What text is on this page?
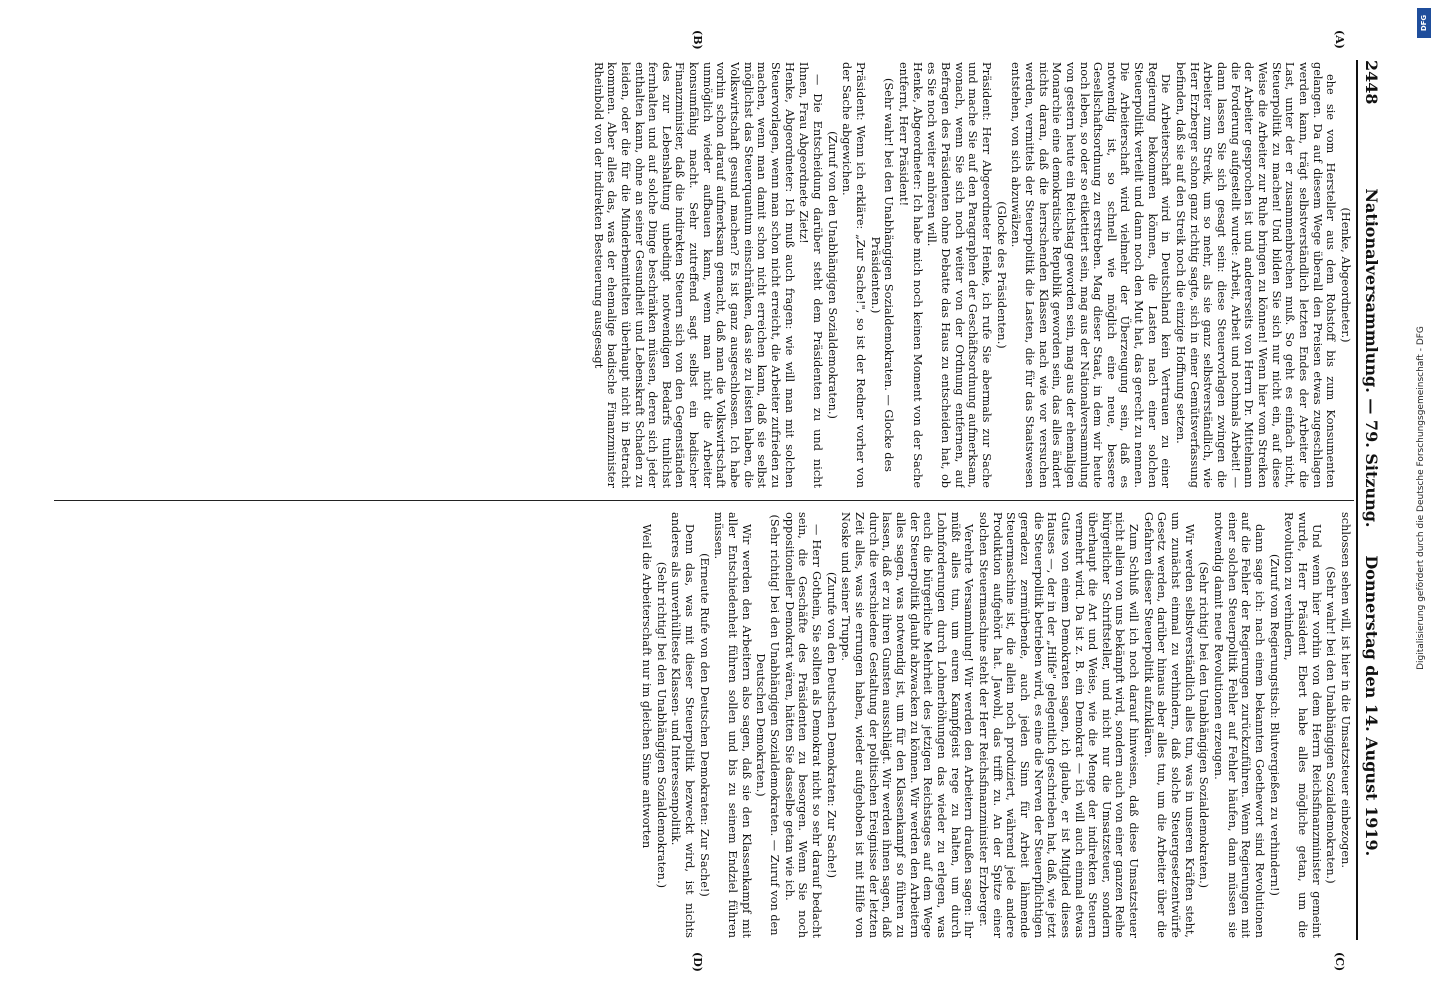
2448
Nationalversammlung. — 79. Sitzung.     Donnerstag den 14. August 1919.
(A)
(B)
(C)
(D)

(Henke, Abgeordneter.)

ehe sie vom Hersteller aus dem Rohstoff bis zum Konsumenten gelangen. Da auf diesem Wege überall den Preisen etwas zugeschlagen werden kann, trägt selbstverständlich letzten Endes der Arbeiter die Last, unter der er zusammenbrechen muß. So geht es einfach nicht, Steuerpolitik zu machen! Und bilden Sie sich nur nicht ein, auf diese Weise die Arbeiter zur Ruhe bringen zu können! Wenn hier vom Streiken der Arbeiter gesprochen ist und andererseits von Herrn Dr. Mittelmann die Forderung aufgestellt wurde: Arbeit, Arbeit und nochmals Arbeit! — dann lassen Sie sich gesagt sein: diese Steuervorlagen zwingen die Arbeiter zum Streik, um so mehr, als sie ganz selbstverständlich, wie Herr Erzberger schon ganz richtig sagte, sich in einer Gemütsverfassung befinden, daß sie auf den Streik noch die einzige Hoffnung setzen.

Die Arbeiterschaft wird in Deutschland kein Vertrauen zu einer Regierung bekommen können, die Lasten nach einer solchen Steuerpolitik verteilt und dann noch den Mut hat, das gerecht zu nennen. Die Arbeiterschaft wird vielmehr der Überzeugung sein, daß es notwendig ist, so schnell wie möglich eine neue, bessere Gesellschaftsordnung zu erstreben. Mag dieser Staat, in dem wir heute noch leben, so oder so etikettiert sein, mag aus der Nationalversammlung von gestern heute ein Reichstag geworden sein, mag aus der ehemaligen Monarchie eine demokratische Republik geworden sein, das alles ändert nichts daran, daß die herrschenden Klassen nach wie vor versuchen werden, vermittels der Steuerpolitik die Lasten, die für das Staatswesen entstehen, von sich abzuwälzen.

(Glocke des Präsidenten.)

Präsident: Herr Abgeordneter Henke, ich rufe Sie abermals zur Sache und mache Sie auf den Paragraphen der Geschäftsordnung aufmerksam, wonach, wenn Sie sich noch weiter von der Ordnung entfernen, auf Befragen des Präsidenten ohne Debatte das Haus zu entscheiden hat, ob es Sie noch weiter anhören will.

Henke, Abgeordneter: Ich habe mich noch keinen Moment von der Sache entfernt, Herr Präsident!

(Sehr wahr! bei den Unabhängigen Sozialdemokraten. — Glocke des Präsidenten.)

Präsident: Wenn ich erkläre: „Zur Sache!", so ist der Redner vorher von der Sache abgewichen.

(Zuruf von den Unabhängigen Sozialdemokraten.)

— Die Entscheidung darüber steht dem Präsidenten zu und nicht Ihnen, Frau Abgeordnete Zietz!

Henke, Abgeordneter: Ich muß auch fragen: wie will man mit solchen Steuervorlagen, wenn man schon nicht erreicht, die Arbeiter zufrieden zu machen, wenn man damit schon nicht erreichen kann, daß sie selbst möglichst das Steuerquantum einschränken, das sie zu leisten haben, die Volkswirtschaft gesund machen? Es ist ganz ausgeschlossen. Ich habe vorhin schon darauf aufmerksam gemacht, daß man die Volkswirtschaft unmöglich wieder aufbauen kann, wenn man nicht die Arbeiter konsumfähig macht. Sehr zutreffend sagt selbst ein badischer Finanzminister, daß die indirekten Steuern sich von den Gegenständen des zur Lebenshaltung unbedingt notwendigen Bedarfs tunlichst fernhalten und auf solche Dinge beschränken müssen, deren sich jeder enthalten kann, ohne an seiner Gesundheit und Lebenskraft Schaden zu leiden, oder die für die Minderbemittelten überhaupt nicht in Betracht kommen. Aber alles das, was der ehemalige badische Finanzminister Rheinbold von der indirekten Besteuerung ausgesagt

schlossen sehen will, ist hier in die Umsatzsteuer einbezogen.

(Sehr wahr! bei den Unabhängigen Sozialdemokraten.)

Und wenn hier vorhin von dem Herrn Reichsfinanzminister gemeint wurde, Herr Präsident Ebert habe alles mögliche getan, um die Revolution zu verhindern,

(Zuruf vom Regierungstisch: Blutvergießen zu verhindern!)

dann sage ich: nach einem bekannten Goethewort sind Revolutionen auf die Fehler der Regierungen zurückzuführen. Wenn Regierungen mit einer solchen Steuerpolitik Fehler auf Fehler häufen, dann müssen sie notwendig damit neue Revolutionen erzeugen.

(Sehr richtig! bei den Unabhängigen Sozialdemokraten.)

Wir werden selbstverständlich alles tun, was in unseren Kräften steht, um zunächst einmal zu verhindern, daß solche Steuergesetzentwürfe Gesetz werden, darüber hinaus aber alles tun, um die Arbeiter über die Gefahren dieser Steuerpolitik aufzuklären.

Zum Schluß will ich noch darauf hinweisen, daß diese Umsatzsteuer nicht allein von uns bekämpft wird, sondern auch von einer ganzen Reihe bürgerlicher Schriftsteller, und nicht nur die Umsatzsteuer, sondern überhaupt die Art und Weise, wie die Menge der indirekten Steuern vermehrt wird. Da ist z. B. ein Demokrat — ich will auch einmal etwas Gutes von einem Demokraten sagen, ich glaube, er ist Mitglied dieses Hauses —, der in der „Hilfe" gelegentlich geschrieben hat, daß, wie jetzt die Steuerpolitik betrieben wird, es eine die Nerven der Steuerpflichtigen geradezu zermürbende, auch jeden Sinn für Arbeit lähmende Steuermaschine ist, die allein noch produziert, während jede andere Produktion aufgehört hat. Jawohl, das trifft zu. An der Spitze einer solchen Steuermaschine steht der Herr Reichsfinanzminister Erzberger.

Verehrte Versammlung! Wir werden den Arbeitern draußen sagen: Ihr müßt alles tun, um euren Kampfgeist rege zu halten, um durch Lohnforderungen durch Lohnerhöhungen das wieder zu erlegen, was euch die bürgerliche Mehrheit des jetzigen Reichstages auf dem Wege der Steuerpolitik glaubt abzwacken zu können. Wir werden den Arbeitern alles sagen, was notwendig ist, um für den Klassenkampf so führen zu lassen, daß er zu ihren Gunsten ausschlägt. Wir werden ihnen sagen, daß durch die verschiedene Gestaltung der politischen Ereignisse der letzten Zeit alles, was sie errungen haben, wieder aufgehoben ist mit Hilfe von Noske und seiner Truppe.

(Zurufe von den Deutschen Demokraten: Zur Sache!)

— Herr Gothein, Sie sollten als Demokrat nicht so sehr darauf bedacht sein, die Geschäfte des Präsidenten zu besorgen. Wenn Sie noch oppositioneller Demokrat wären, hätten Sie dasselbe getan wie ich.

(Sehr richtig! bei den Unabhängigen Sozialdemokraten. — Zuruf von den Deutschen Demokraten.)

Wir werden den Arbeitern also sagen, daß sie den Klassenkampf mit aller Entschiedenheit führen sollen und bis zu seinem Endziel führen müssen.

(Erneute Rufe von den Deutschen Demokraten: Zur Sache!)

Denn das, was mit dieser Steuerpolitik bezweckt wird, ist nichts anderes als unverhüllteste Klassen- und Interessenpolitik.

(Sehr richtig! bei den Unabhängigen Sozialdemokraten.)

Weil die Arbeiterschaft nur im gleichen Sinne antworten

Digitalisierung gefördert durch die Deutsche Forschungsgemeinschaft - DFG
DFG
